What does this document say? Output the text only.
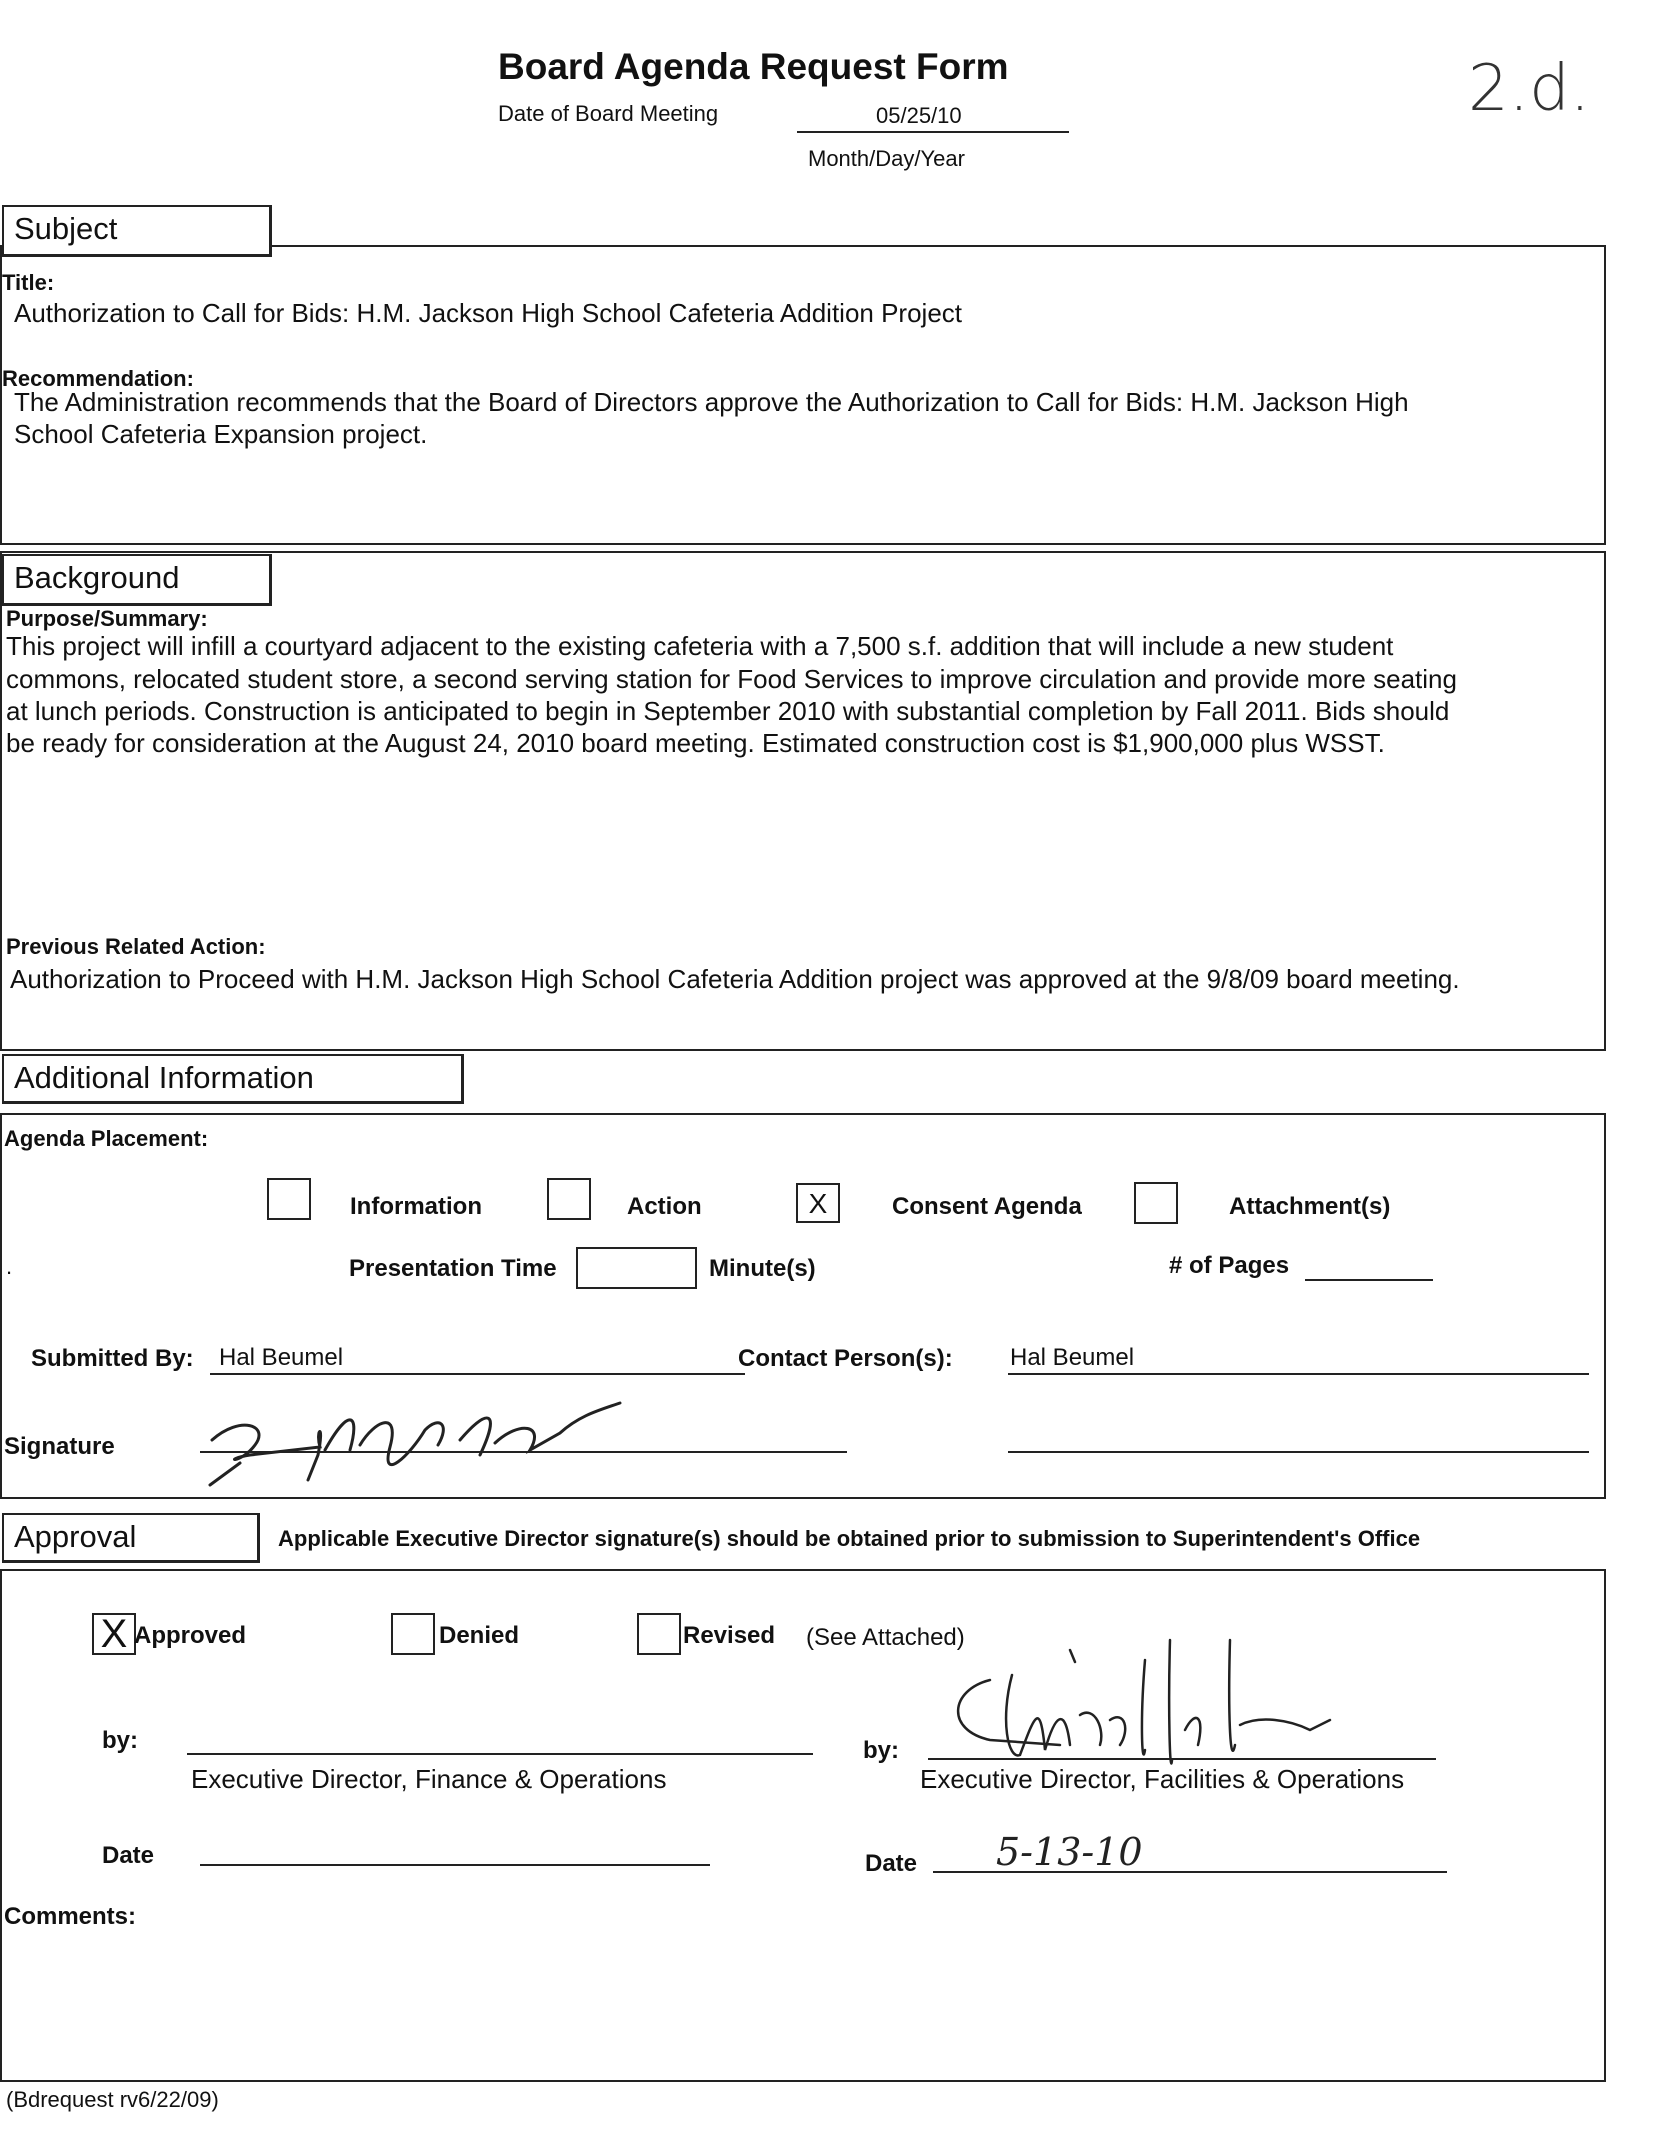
Board Agenda Request Form
Date of Board Meeting	05/25/10
Month/Day/Year
2.d.
Subject
Title:
Authorization to Call for Bids: H.M. Jackson High School Cafeteria Addition Project
Recommendation:
The Administration recommends that the Board of Directors approve the Authorization to Call for Bids: H.M. Jackson High
School Cafeteria Expansion project.
Background
Purpose/Summary:
This project will infill a courtyard adjacent to the existing cafeteria with a 7,500 s.f. addition that will include a new student
commons, relocated student store, a second serving station for Food Services to improve circulation and provide more seating
at lunch periods. Construction is anticipated to begin in September 2010 with substantial completion by Fall 2011. Bids should
be ready for consideration at the August 24, 2010 board meeting. Estimated construction cost is $1,900,000 plus WSST.
Previous Related Action:
Authorization to Proceed with H.M. Jackson High School Cafeteria Addition project was approved at the 9/8/09 board meeting.
Additional Information
Agenda Placement:
Information	Action	X	Consent Agenda	Attachment(s)
.	Presentation Time	Minute(s)	# of Pages
Submitted By: Hal Beumel	Contact Person(s): Hal Beumel
Signature
Approval	Applicable Executive Director signature(s) should be obtained prior to submission to Superintendent's Office
X Approved	Denied	Revised (See Attached)
by:
Executive Director, Finance & Operations
Date
by:
Executive Director, Facilities & Operations
Date 5-13-10
Comments:
(Bdrequest rv6/22/09)
